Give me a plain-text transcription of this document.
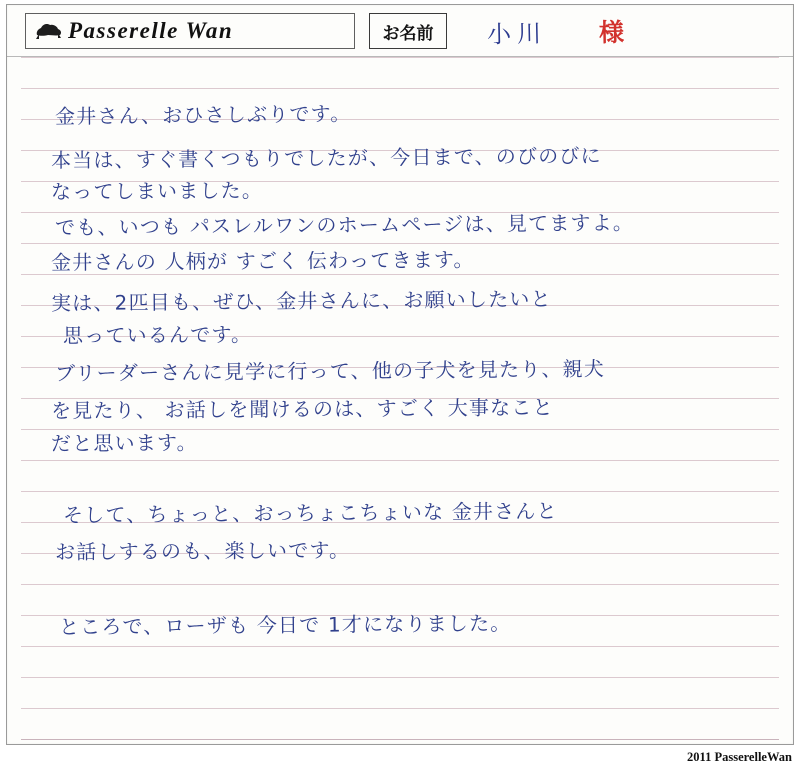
Passerelle Wan	お名前 小川 様
金井さん、おひさしぶりです。
本当は、すぐ書くつもりでしたが、今日まで、のびのびに
なってしまいました。
でも、いつも パスレルワンのホームページは、見てますよ。
金井さんの 人柄が すごく 伝わってきます。
実は、2匹目も、ぜひ、金井さんに、お願いしたいと
思っているんです。
ブリーダーさんに見学に行って、他の子犬を見たり、親犬
を見たり、 お話しを聞けるのは、すごく 大事なこと
だと思います。
そして、ちょっと、おっちょこちょいな 金井さんと
お話しするのも、楽しいです。
ところで、ローザも 今日で 1才になりました。
2011 PasserelleWan
